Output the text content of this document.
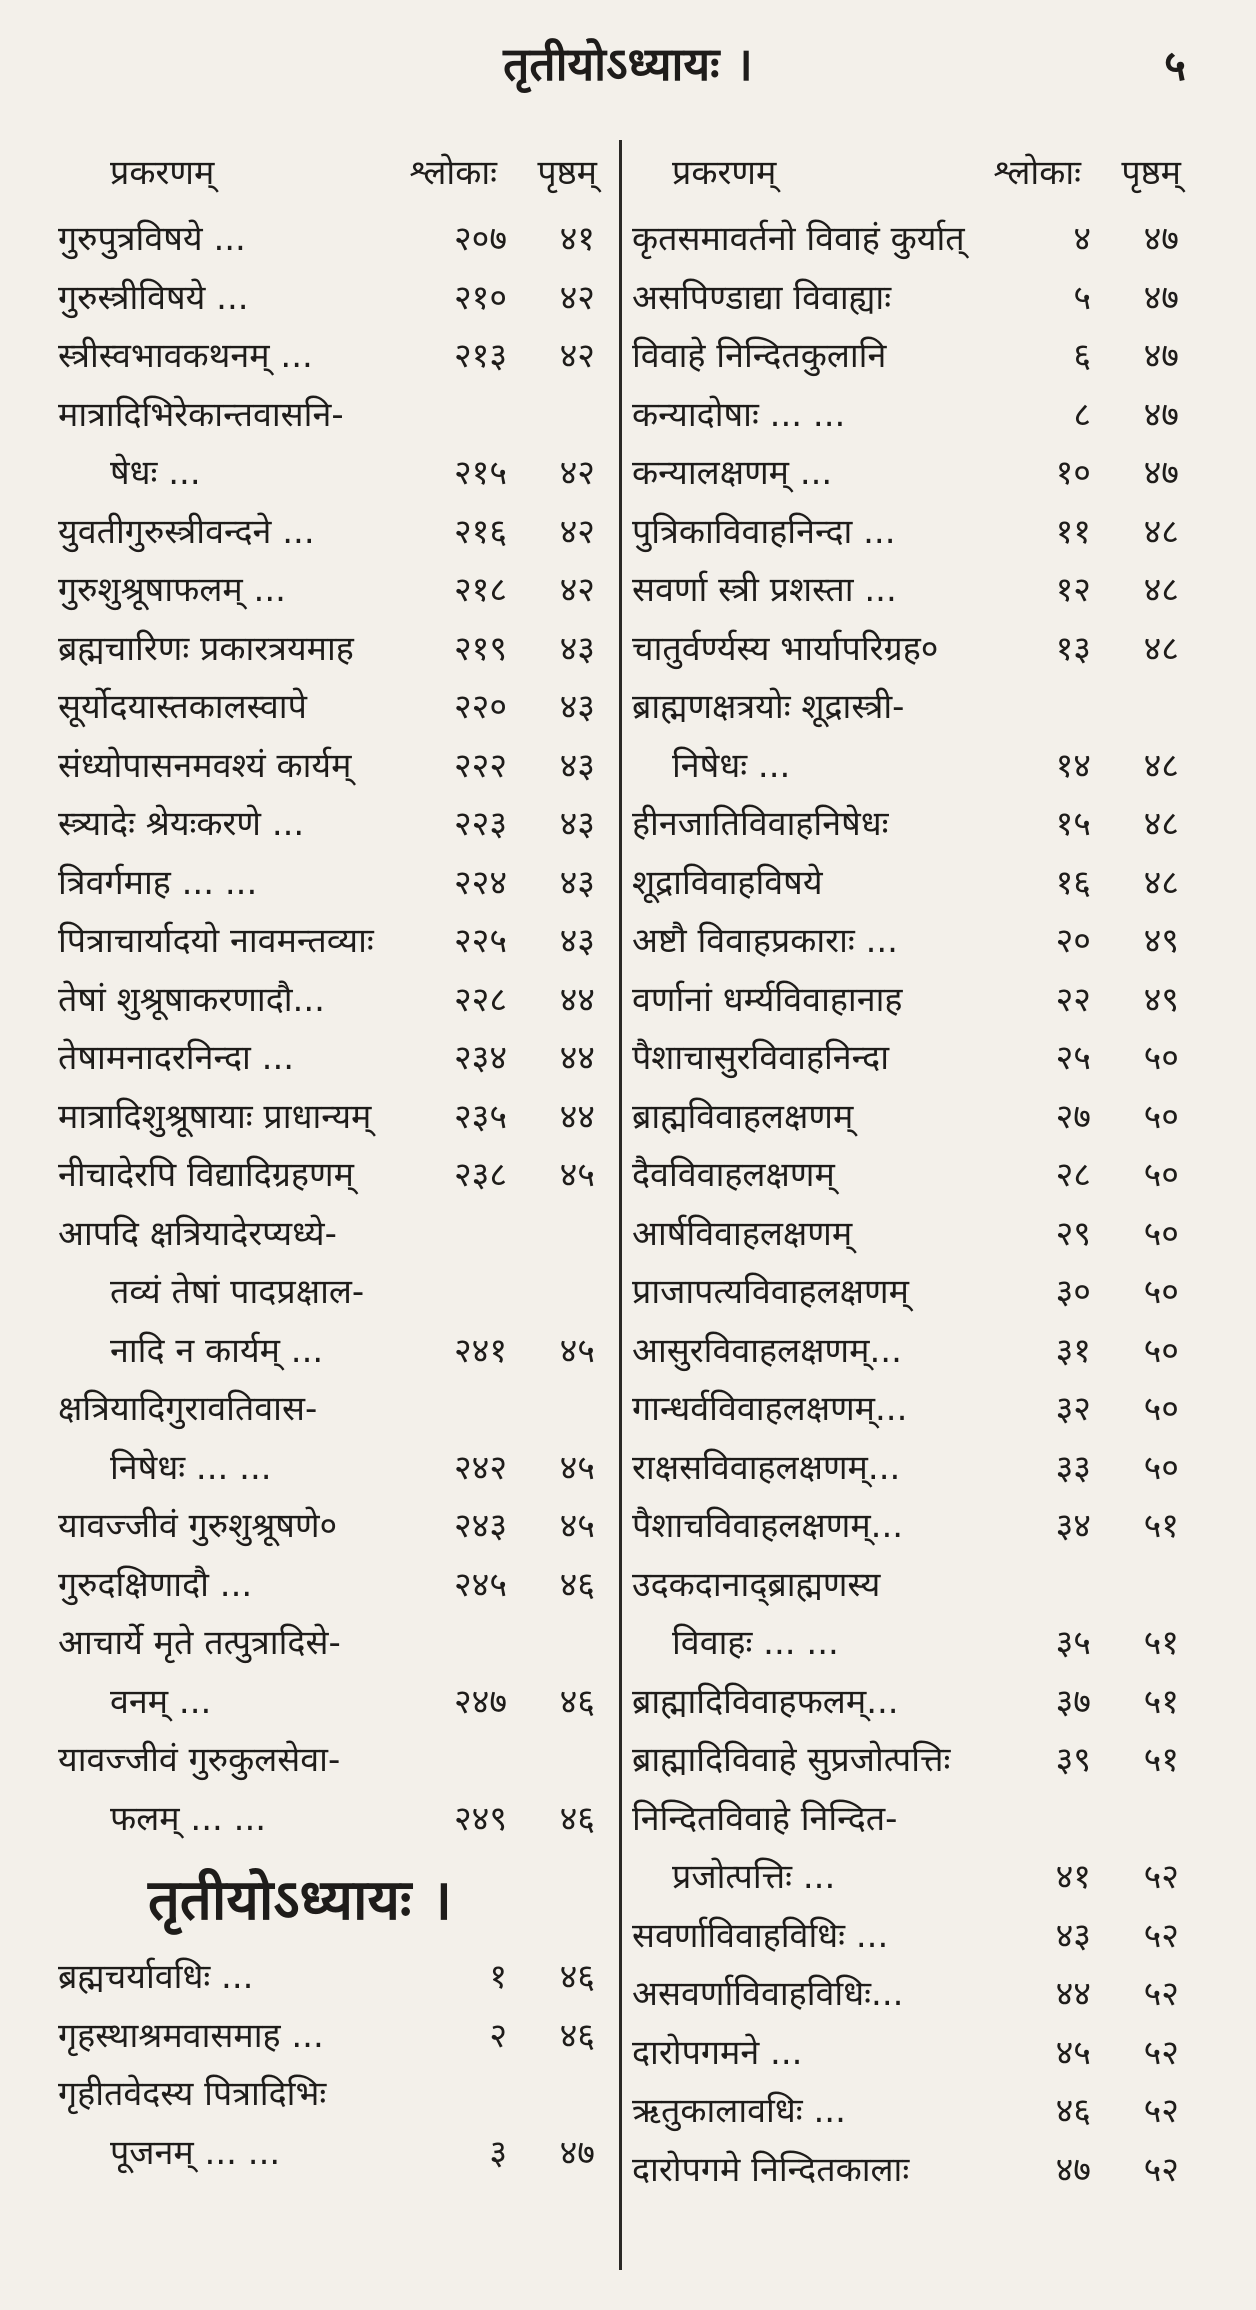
तृतीयोऽध्यायः ।	५
प्रकरणम्	श्लोकाः	पृष्ठम्
गुरुपुत्रविषये ...	२०७	४१
गुरुस्त्रीविषये ...	२१०	४२
स्त्रीस्वभावकथनम् ...	२१३	४२
मात्रादिभिरेकान्तवासनि-
षेधः ...	२१५	४२
युवतीगुरुस्त्रीवन्दने ...	२१६	४२
गुरुशुश्रूषाफलम् ...	२१८	४२
ब्रह्मचारिणः प्रकारत्रयमाह	२१९	४३
सूर्योदयास्तकालस्वापे	२२०	४३
संध्योपासनमवश्यं कार्यम्	२२२	४३
स्त्र्यादेः श्रेयःकरणे ...	२२३	४३
त्रिवर्गमाह ... ...	२२४	४३
पित्राचार्यादयो नावमन्तव्याः	२२५	४३
तेषां शुश्रूषाकरणादौ...	२२८	४४
तेषामनादरनिन्दा ...	२३४	४४
मात्रादिशुश्रूषायाः प्राधान्यम्	२३५	४४
नीचादेरपि विद्यादिग्रहणम्	२३८	४५
आपदि क्षत्रियादेरप्यध्ये-
तव्यं तेषां पादप्रक्षाल-
नादि न कार्यम् ...	२४१	४५
क्षत्रियादिगुरावतिवास-
निषेधः ... ...	२४२	४५
यावज्जीवं गुरुशुश्रूषणे०	२४३	४५
गुरुदक्षिणादौ ...	२४५	४६
आचार्ये मृते तत्पुत्रादिसे-
वनम् ...	२४७	४६
यावज्जीवं गुरुकुलसेवा-
फलम् ... ...	२४९	४६
तृतीयोऽध्यायः ।
ब्रह्मचर्यावधिः ...	१	४६
गृहस्थाश्रमवासमाह ...	२	४६
गृहीतवेदस्य पित्रादिभिः
पूजनम् ... ...	३	४७
प्रकरणम्	श्लोकाः	पृष्ठम्
कृतसमावर्तनो विवाहं कुर्यात्	४	४७
असपिण्डाद्या विवाह्याः	५	४७
विवाहे निन्दितकुलानि	६	४७
कन्यादोषाः ... ...	८	४७
कन्यालक्षणम् ...	१०	४७
पुत्रिकाविवाहनिन्दा ...	११	४८
सवर्णा स्त्री प्रशस्ता ...	१२	४८
चातुर्वर्ण्यस्य भार्यापरिग्रह०	१३	४८
ब्राह्मणक्षत्रयोः शूद्रास्त्री-
निषेधः ...	१४	४८
हीनजातिविवाहनिषेधः	१५	४८
शूद्राविवाहविषये	१६	४८
अष्टौ विवाहप्रकाराः ...	२०	४९
वर्णानां धर्म्यविवाहानाह	२२	४९
पैशाचासुरविवाहनिन्दा	२५	५०
ब्राह्मविवाहलक्षणम्	२७	५०
दैवविवाहलक्षणम्	२८	५०
आर्षविवाहलक्षणम्	२९	५०
प्राजापत्यविवाहलक्षणम्	३०	५०
आसुरविवाहलक्षणम्...	३१	५०
गान्धर्वविवाहलक्षणम्...	३२	५०
राक्षसविवाहलक्षणम्...	३३	५०
पैशाचविवाहलक्षणम्...	३४	५१
उदकदानाद्ब्राह्मणस्य
विवाहः ... ...	३५	५१
ब्राह्मादिविवाहफलम्...	३७	५१
ब्राह्मादिविवाहे सुप्रजोत्पत्तिः	३९	५१
निन्दितविवाहे निन्दित-
प्रजोत्पत्तिः ...	४१	५२
सवर्णाविवाहविधिः ...	४३	५२
असवर्णाविवाहविधिः...	४४	५२
दारोपगमने ...	४५	५२
ऋतुकालावधिः ...	४६	५२
दारोपगमे निन्दितकालाः	४७	५२
